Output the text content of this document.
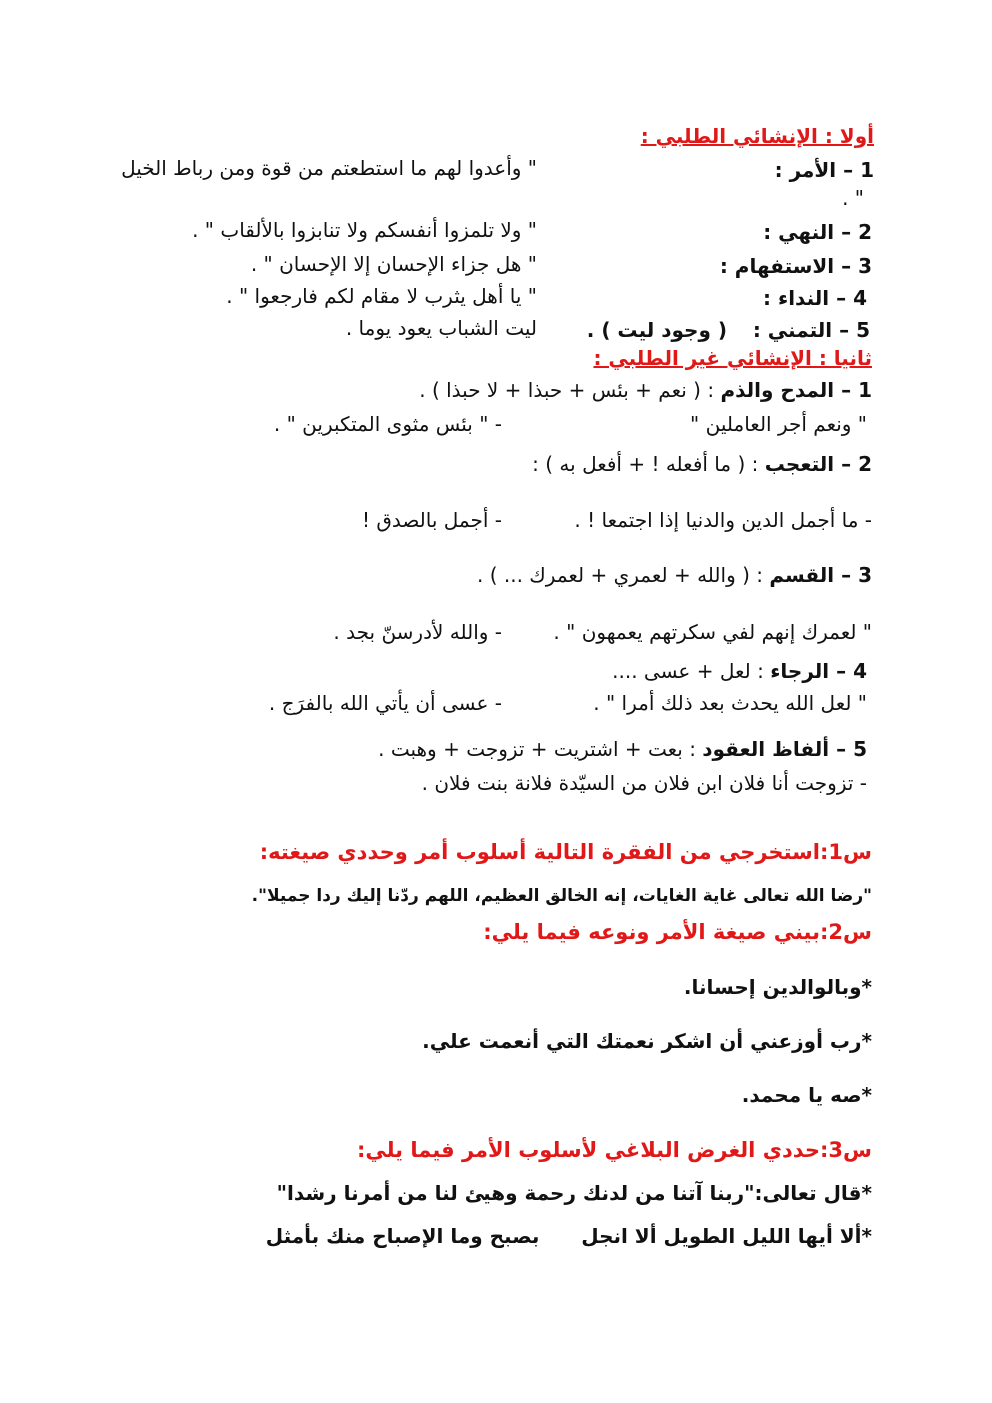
أولا : الإنشائي الطلبي :
1 – الأمر :
" وأعدوا لهم ما استطعتم من قوة ومن رباط الخيل
" .
2 – النهي :
" ولا تلمزوا أنفسكم ولا تنابزوا بالألقاب " .
3 – الاستفهام :
" هل جزاء الإحسان إلا الإحسان " .
4 – النداء :
" يا أهل يثرب لا مقام لكم فارجعوا " .
5 – التمني :
( وجود ليت ) .
ليت الشباب يعود يوما .
ثانيا : الإنشائي غير الطلبي :
1 – المدح والذم : ( نعم + بئس + حبذا + لا حبذا ) .
" ونعم أجر العاملين "
- " بئس مثوى المتكبرين " .
2 – التعجب : ( ما أفعله ! + أفعل به ) :
- ما أجمل الدين والدنيا إذا اجتمعا ! .
- أجمل بالصدق !
3 – القسم : ( والله + لعمري + لعمرك ... ) .
" لعمرك إنهم لفي سكرتهم يعمهون " .
- والله لأدرسنّ بجد .
4 – الرجاء : لعل + عسى ....
" لعل الله يحدث بعد ذلك أمرا " .
- عسى أن يأتي الله بالفرَج .
5 – ألفاظ العقود : بعت + اشتريت + تزوجت + وهبت .
- تزوجت أنا فلان ابن فلان من السيّدة فلانة بنت فلان .
س1:استخرجي من الفقرة التالية أسلوب أمر وحددي صيغته:
"رضا الله تعالى غاية الغايات، إنه الخالق العظيم، اللهم ردّنا إليك ردا جميلا".
س2:بيني صيغة الأمر ونوعه فيما يلي:
*وبالوالدين إحسانا.
*رب أوزعني أن اشكر نعمتك التي أنعمت علي.
*صه يا محمد.
س3:حددي الغرض البلاغي لأسلوب الأمر فيما يلي:
*قال تعالى:"ربنا آتنا من لدنك رحمة وهيئ لنا من أمرنا رشدا"
*ألا أيها الليل الطويل ألا انجل      بصبح وما الإصباح منك بأمثل
